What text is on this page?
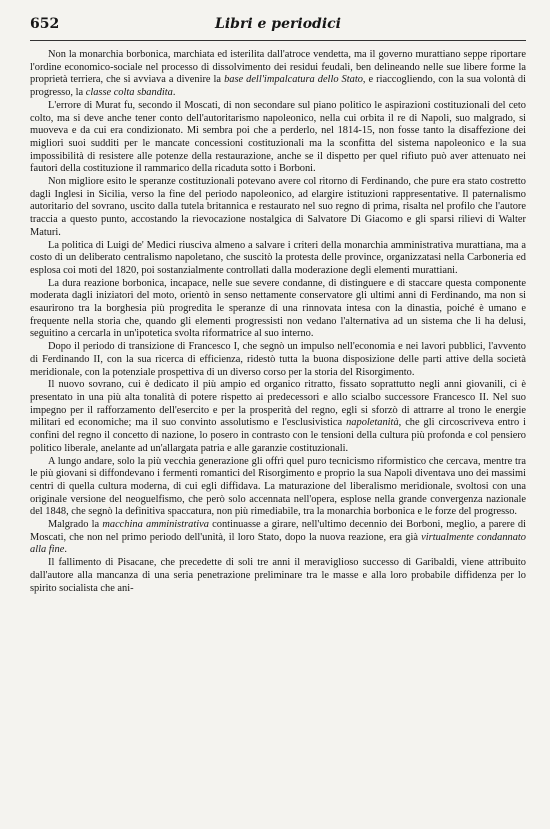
652	Libri e periodici

Non la monarchia borbonica, marchiata ed isterilita dall'atroce vendetta, ma il governo murattiano seppe riportare l'ordine economico-sociale nel processo di dissolvimento dei residui feudali, ben delineando nelle sue libere forme la proprietà terriera, che si avviava a divenire la base dell'impalcatura dello Stato, e riaccogliendo, con la sua volontà di progresso, la classe colta sbandita.

L'errore di Murat fu, secondo il Moscati, di non secondare sul piano politico le aspirazioni costituzionali del ceto colto, ma si deve anche tener conto dell'autoritarismo napoleonico, nella cui orbita il re di Napoli, suo malgrado, si muoveva e da cui era condizionato. Mi sembra poi che a perderlo, nel 1814-15, non fosse tanto la disaffezione dei migliori suoi sudditi per le mancate concessioni costituzionali ma la sconfitta del sistema napoleonico e la sua impossibilità di resistere alle potenze della restaurazione, anche se il dispetto per quel rifiuto può aver attenuato nei fautori della costituzione il rammarico della ricaduta sotto i Borboni.

Non migliore esito le speranze costituzionali potevano avere col ritorno di Ferdinando, che pure era stato costretto dagli Inglesi in Sicilia, verso la fine del periodo napoleonico, ad elargire istituzioni rappresentative. Il paternalismo autoritario del sovrano, uscito dalla tutela britannica e restaurato nel suo regno di prima, risalta nel profilo che l'autore traccia a questo punto, accostando la rievocazione nostalgica di Salvatore Di Giacomo e gli sparsi rilievi di Walter Maturi.

La politica di Luigi de' Medici riusciva almeno a salvare i criteri della monarchia amministrativa murattiana, ma a costo di un deliberato centralismo napoletano, che suscitò la protesta delle province, organizzatasi nella Carboneria ed esplosa coi moti del 1820, poi sostanzialmente controllati dalla moderazione degli elementi murattiani.

La dura reazione borbonica, incapace, nelle sue severe condanne, di distinguere e di staccare questa componente moderata dagli iniziatori del moto, orientò in senso nettamente conservatore gli ultimi anni di Ferdinando, ma non si esaurirono tra la borghesia più progredita le speranze di una rinnovata intesa con la dinastia, poiché è umano e frequente nella storia che, quando gli elementi progressisti non vedano l'alternativa ad un sistema che li ha delusi, seguitino a cercarla in un'ipotetica svolta riformatrice al suo interno.

Dopo il periodo di transizione di Francesco I, che segnò un impulso nell'economia e nei lavori pubblici, l'avvento di Ferdinando II, con la sua ricerca di efficienza, ridestò tutta la buona disposizione delle parti attive della società meridionale, con la potenziale prospettiva di un diverso corso per la storia del Risorgimento.

Il nuovo sovrano, cui è dedicato il più ampio ed organico ritratto, fissato soprattutto negli anni giovanili, ci è presentato in una più alta tonalità di potere rispetto ai predecessori e allo scialbo successore Francesco II. Nel suo impegno per il rafforzamento dell'esercito e per la prosperità del regno, egli si sforzò di attrarre al trono le energie militari ed economiche; ma il suo convinto assolutismo e l'esclusivistica napoletanità, che gli circoscriveva entro i confini del regno il concetto di nazione, lo posero in contrasto con le tensioni della cultura più profonda e col pensiero politico liberale, anelante ad un'allargata patria e alle garanzie costituzionali.

A lungo andare, solo la più vecchia generazione gli offrì quel puro tecnicismo riformistico che cercava, mentre tra le più giovani si diffondevano i fermenti romantici del Risorgimento e proprio la sua Napoli diventava uno dei massimi centri di quella cultura moderna, di cui egli diffidava. La maturazione del liberalismo meridionale, svoltosi con una originale versione del neoguelfismo, che però solo accennata nell'opera, esplose nella grande convergenza nazionale del 1848, che segnò la definitiva spaccatura, non più rimediabile, tra la monarchia borbonica e le forze del progresso.

Malgrado la macchina amministrativa continuasse a girare, nell'ultimo decennio dei Borboni, meglio, a parere di Moscati, che non nel primo periodo dell'unità, il loro Stato, dopo la nuova reazione, era già virtualmente condannato alla fine.

Il fallimento di Pisacane, che precedette di soli tre anni il meraviglioso successo di Garibaldi, viene attribuito dall'autore alla mancanza di una seria penetrazione preliminare tra le masse e alla loro probabile diffidenza per lo spirito socialista che ani-
